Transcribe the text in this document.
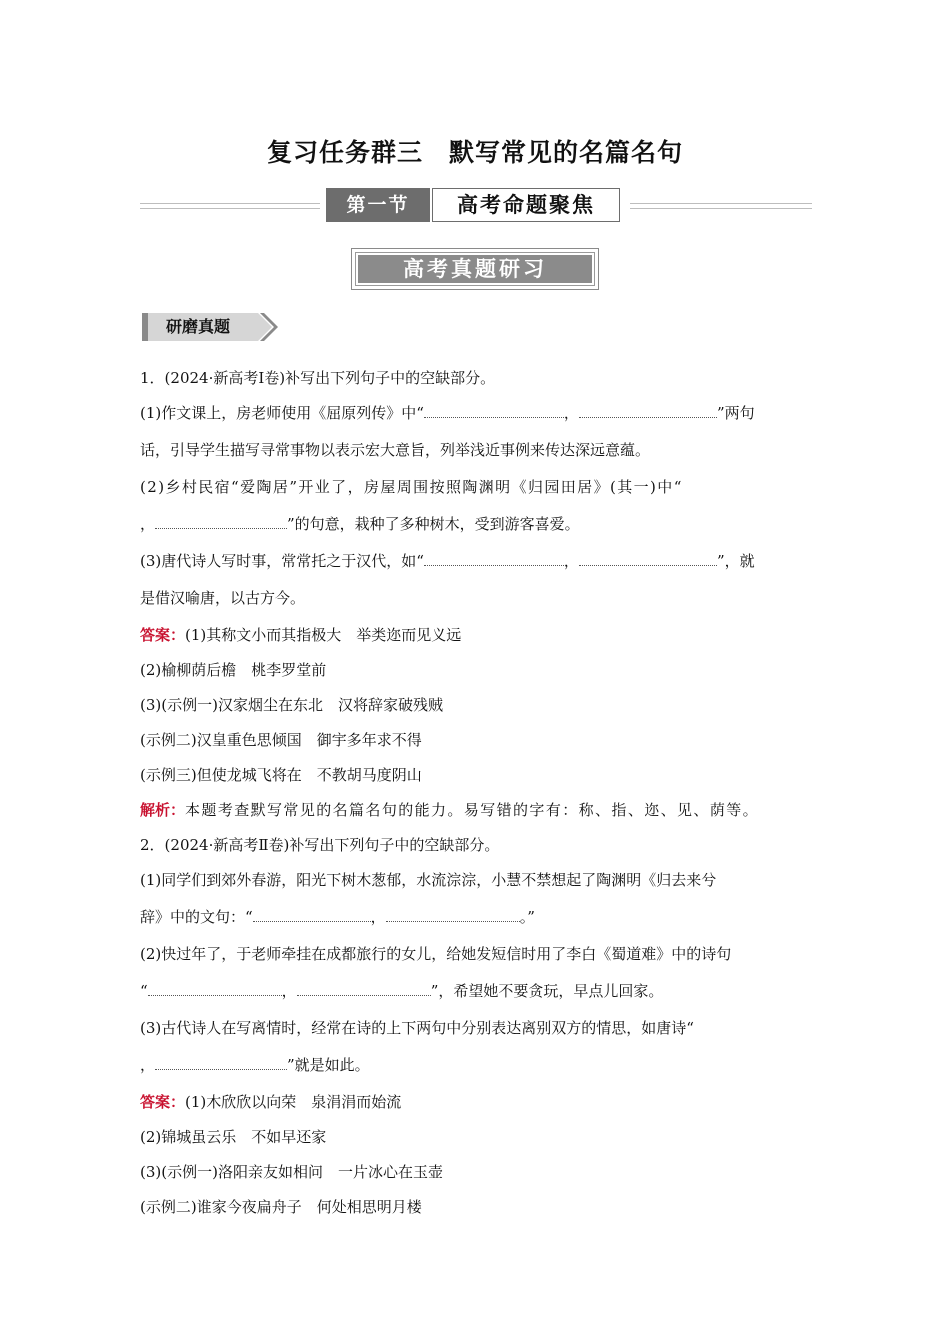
复习任务群三　默写常见的名篇名句
第一节	高考命题聚焦
高考真题研习
研磨真题
1．(2024·新高考Ⅰ卷)补写出下列句子中的空缺部分。
(1)作文课上，房老师使用《屈原列传》中“	，	”两句
话，引导学生描写寻常事物以表示宏大意旨，列举浅近事例来传达深远意蕴。
(2)乡村民宿“爱陶居”开业了，房屋周围按照陶渊明《归园田居》(其一)中“
，	”的句意，栽种了多种树木，受到游客喜爱。
(3)唐代诗人写时事，常常托之于汉代，如“	，	”，就
是借汉喻唐，以古方今。
答案：(1)其称文小而其指极大　举类迩而见义远
(2)榆柳荫后檐　桃李罗堂前
(3)(示例一)汉家烟尘在东北　汉将辞家破残贼
(示例二)汉皇重色思倾国　御宇多年求不得
(示例三)但使龙城飞将在　不教胡马度阴山
解析：本题考查默写常见的名篇名句的能力。易写错的字有：称、指、迩、见、荫等。
2．(2024·新高考Ⅱ卷)补写出下列句子中的空缺部分。
(1)同学们到郊外春游，阳光下树木葱郁，水流淙淙，小慧不禁想起了陶渊明《归去来兮
辞》中的文句：“	，	。”
(2)快过年了，于老师牵挂在成都旅行的女儿，给她发短信时用了李白《蜀道难》中的诗句
“	，	”，希望她不要贪玩，早点儿回家。
(3)古代诗人在写离情时，经常在诗的上下两句中分别表达离别双方的情思，如唐诗“
，	”就是如此。
答案：(1)木欣欣以向荣　泉涓涓而始流
(2)锦城虽云乐　不如早还家
(3)(示例一)洛阳亲友如相问　一片冰心在玉壶
(示例二)谁家今夜扁舟子　何处相思明月楼
